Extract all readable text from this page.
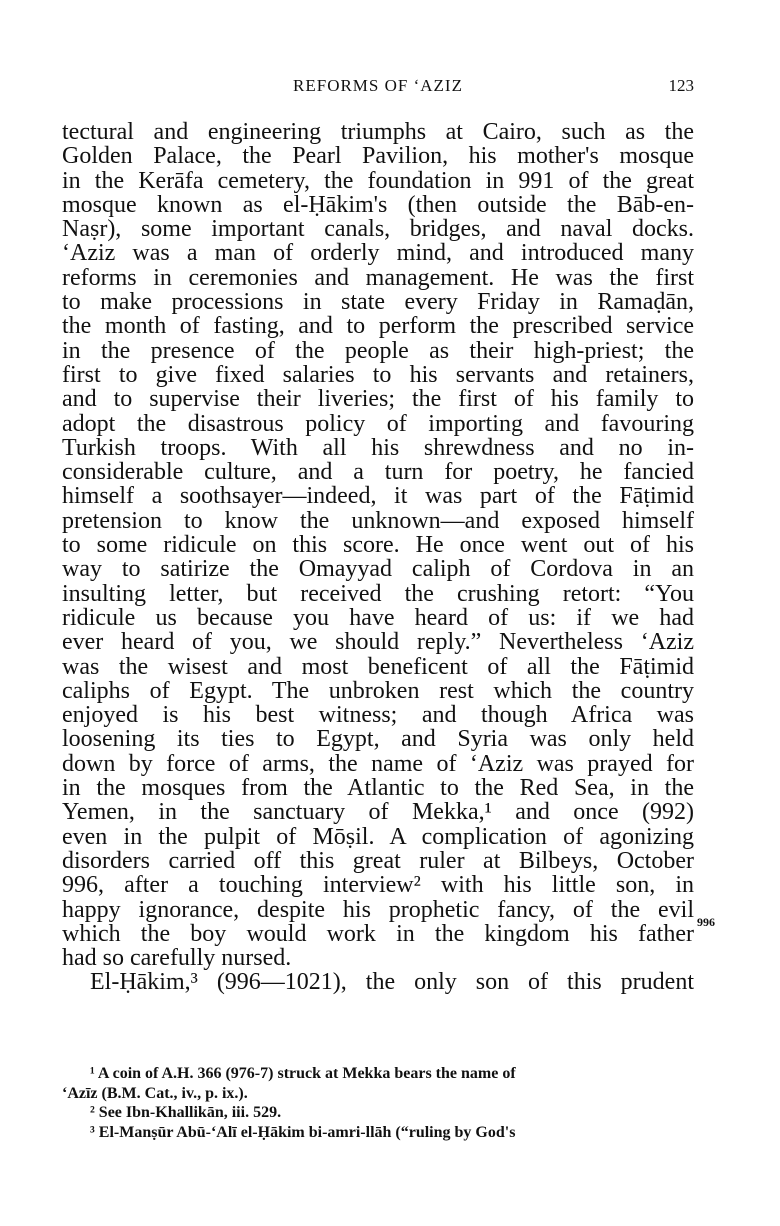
REFORMS OF ‘AZIZ	123
tectural and engineering triumphs at Cairo, such as the
Golden Palace, the Pearl Pavilion, his mother's mosque
in the Kerāfa cemetery, the foundation in 991 of the great
mosque known as el-Ḥākim's (then outside the Bāb-en-
Naṣr), some important canals, bridges, and naval docks.
‘Aziz was a man of orderly mind, and introduced many
reforms in ceremonies and management. He was the first
to make processions in state every Friday in Ramaḍān,
the month of fasting, and to perform the prescribed service
in the presence of the people as their high-priest; the
first to give fixed salaries to his servants and retainers,
and to supervise their liveries; the first of his family to
adopt the disastrous policy of importing and favouring
Turkish troops. With all his shrewdness and no in-
considerable culture, and a turn for poetry, he fancied
himself a soothsayer—indeed, it was part of the Fāṭimid
pretension to know the unknown—and exposed himself
to some ridicule on this score. He once went out of his
way to satirize the Omayyad caliph of Cordova in an
insulting letter, but received the crushing retort: “You
ridicule us because you have heard of us: if we had
ever heard of you, we should reply.” Nevertheless ‘Aziz
was the wisest and most beneficent of all the Fāṭimid
caliphs of Egypt. The unbroken rest which the country
enjoyed is his best witness; and though Africa was
loosening its ties to Egypt, and Syria was only held
down by force of arms, the name of ‘Aziz was prayed for
in the mosques from the Atlantic to the Red Sea, in the
Yemen, in the sanctuary of Mekka,¹ and once (992)
even in the pulpit of Mōṣil. A complication of agonizing
disorders carried off this great ruler at Bilbeys, October
996, after a touching interview² with his little son, in
happy ignorance, despite his prophetic fancy, of the evil
which the boy would work in the kingdom his father
had so carefully nursed.
El-Ḥākim,³ (996—1021), the only son of this prudent
996
¹ A coin of A.H. 366 (976-7) struck at Mekka bears the name of
‘Azīz (B.M. Cat., iv., p. ix.).
² See Ibn-Khallikān, iii. 529.
³ El-Manṣūr Abū-‘Alī el-Ḥākim bi-amri-llāh (“ruling by God's
